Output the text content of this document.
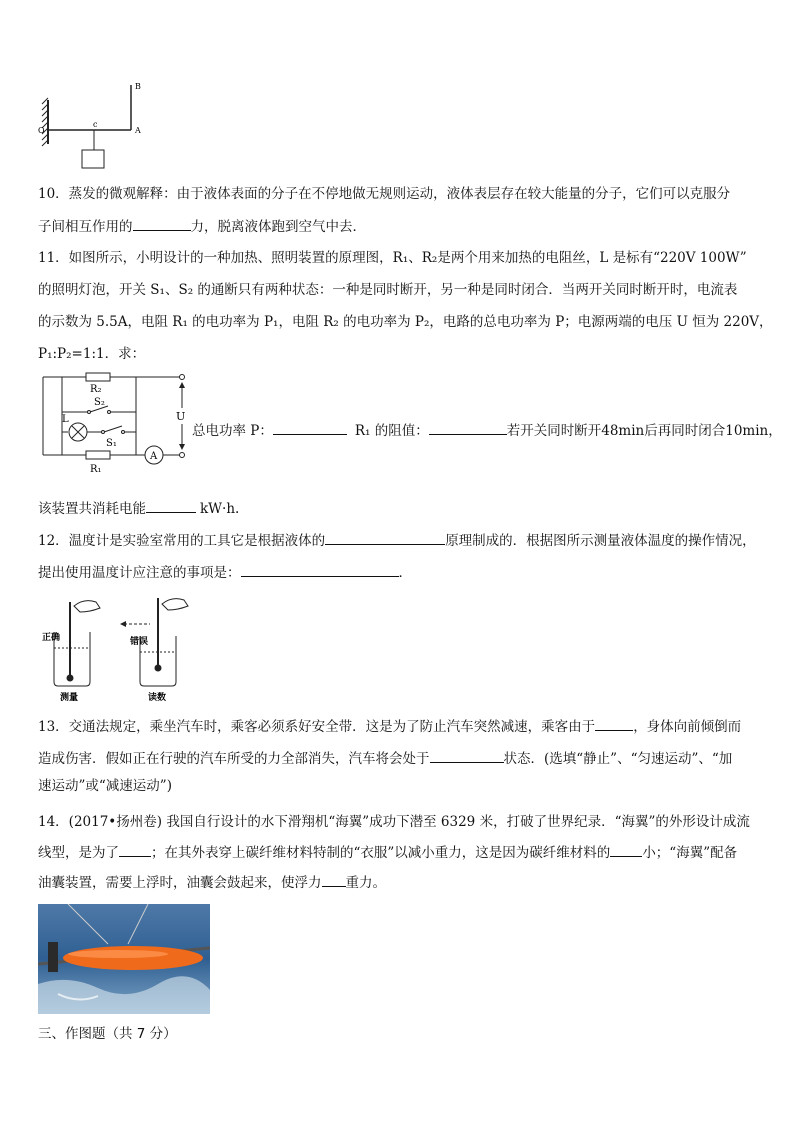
B
O
c
A
10．蒸发的微观解释：由于液体表面的分子在不停地做无规则运动，液体表层存在较大能量的分子，它们可以克服分
子间相互作用的	力，脱离液体跑到空气中去．
11．如图所示，小明设计的一种加热、照明装置的原理图，R₁、R₂是两个用来加热的电阻丝，L 是标有“220V 100W”
的照明灯泡，开关 S₁、S₂ 的通断只有两种状态：一种是同时断开，另一种是同时闭合．当两开关同时断开时，电流表
的示数为 5.5A，电阻 R₁ 的电功率为 P₁，电阻 R₂ 的电功率为 P₂，电路的总电功率为 P；电源两端的电压 U 恒为 220V，
P₁:P₂=1:1．求：
R₂
S₂
L
S₁
A
R₁
U
总电功率 P：	R₁ 的阻值：	若开关同时断开48min后再同时闭合10min，
该装置共消耗电能	kW·h.
12．温度计是实验室常用的工具它是根据液体的	原理制成的．根据图所示测量液体温度的操作情况，
提出使用温度计应注意的事项是：	．
正确	错误
测量	读数
13．交通法规定，乘坐汽车时，乘客必须系好安全带．这是为了防止汽车突然减速，乘客由于	，身体向前倾倒而
造成伤害．假如正在行驶的汽车所受的力全部消失，汽车将会处于	状态．(选填“静止”、“匀速运动”、“加
速运动”或“减速运动”)
14．(2017•扬州卷) 我国自行设计的水下滑翔机“海翼”成功下潜至 6329 米，打破了世界纪录．“海翼”的外形设计成流
线型，是为了 ；在其外表穿上碳纤维材料特制的“衣服”以减小重力，这是因为碳纤维材料的 小；“海翼”配备
油囊装置，需要上浮时，油囊会鼓起来，使浮力 重力。
三、作图题（共 7 分）
